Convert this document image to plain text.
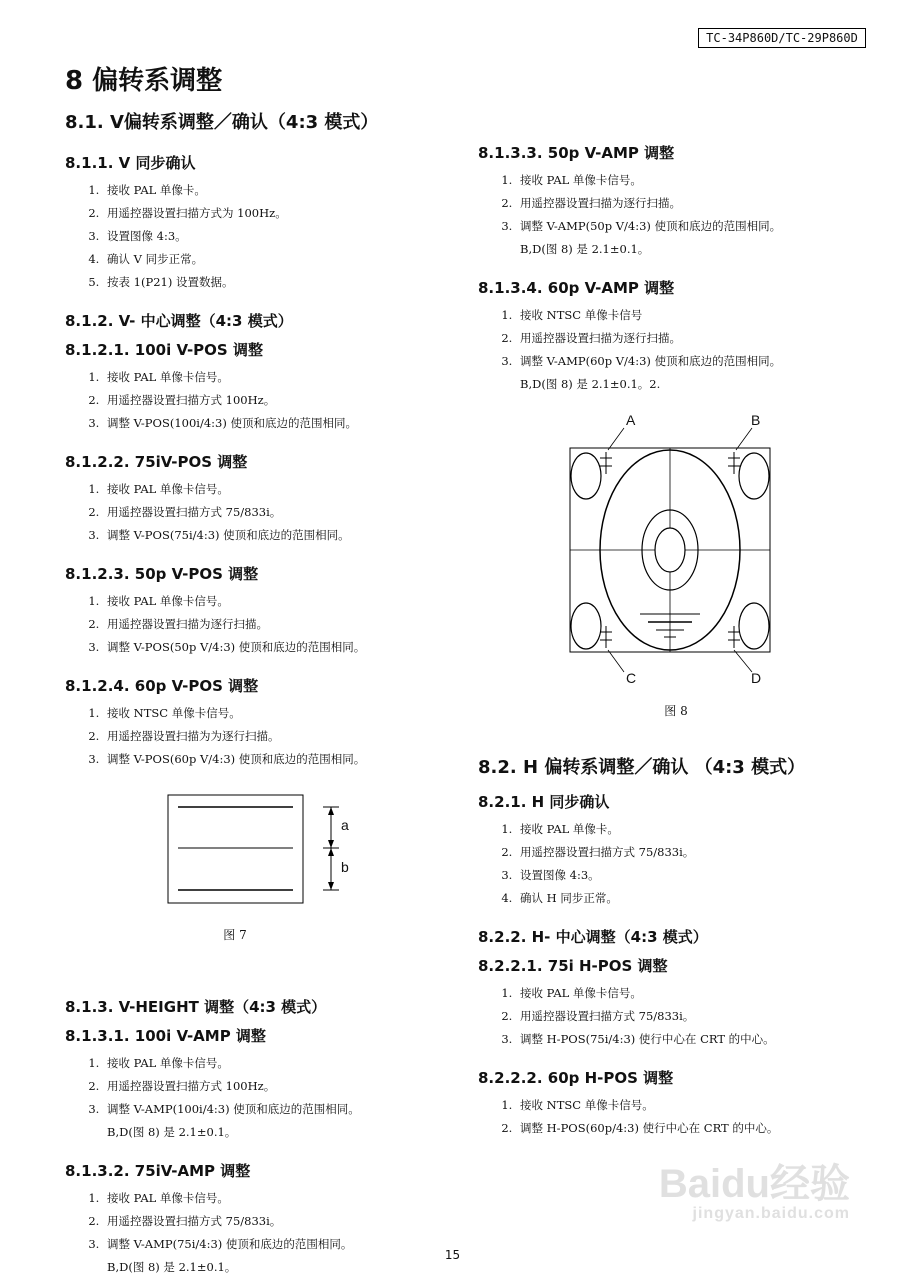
TC-34P860D/TC-29P860D
8 偏转系调整
8.1. V偏转系调整／确认（4:3 模式）
8.1.1. V 同步确认
1. 接收 PAL 单像卡。
2. 用遥控器设置扫描方式为 100Hz。
3. 设置图像 4:3。
4. 确认 V 同步正常。
5. 按表 1(P21) 设置数据。
8.1.2. V- 中心调整（4:3 模式）
8.1.2.1. 100i V-POS 调整
1. 接收 PAL 单像卡信号。
2. 用遥控器设置扫描方式 100Hz。
3. 调整 V-POS(100i/4:3) 使顶和底边的范围相同。
8.1.2.2. 75iV-POS 调整
1. 接收 PAL 单像卡信号。
2. 用遥控器设置扫描方式 75/833i。
3. 调整 V-POS(75i/4:3) 使顶和底边的范围相同。
8.1.2.3. 50p V-POS 调整
1. 接收 PAL 单像卡信号。
2. 用遥控器设置扫描为逐行扫描。
3. 调整 V-POS(50p V/4:3) 使顶和底边的范围相同。
8.1.2.4. 60p V-POS 调整
1. 接收 NTSC 单像卡信号。
2. 用遥控器设置扫描为为逐行扫描。
3. 调整 V-POS(60p V/4:3) 使顶和底边的范围相同。
a
b
图 7
8.1.3. V-HEIGHT 调整（4:3 模式）
8.1.3.1. 100i V-AMP 调整
1. 接收 PAL 单像卡信号。
2. 用遥控器设置扫描方式 100Hz。
3. 调整 V-AMP(100i/4:3) 使顶和底边的范围相同。
B,D(图 8) 是 2.1±0.1。
8.1.3.2. 75iV-AMP 调整
1. 接收 PAL 单像卡信号。
2. 用遥控器设置扫描方式 75/833i。
3. 调整 V-AMP(75i/4:3) 使顶和底边的范围相同。
B,D(图 8) 是 2.1±0.1。
8.1.3.3. 50p V-AMP 调整
1. 接收 PAL 单像卡信号。
2. 用遥控器设置扫描为逐行扫描。
3. 调整 V-AMP(50p V/4:3) 使顶和底边的范围相同。
B,D(图 8) 是 2.1±0.1。
8.1.3.4. 60p V-AMP 调整
1. 接收 NTSC 单像卡信号
2. 用遥控器设置扫描为逐行扫描。
3. 调整 V-AMP(60p V/4:3) 使顶和底边的范围相同。
B,D(图 8) 是 2.1±0.1。2.
A	B
C	D
图 8
8.2. H 偏转系调整／确认 （4:3 模式）
8.2.1. H 同步确认
1. 接收 PAL 单像卡。
2. 用遥控器设置扫描方式 75/833i。
3. 设置图像 4:3。
4. 确认 H 同步正常。
8.2.2. H- 中心调整（4:3 模式）
8.2.2.1. 75i H-POS 调整
1. 接收 PAL 单像卡信号。
2. 用遥控器设置扫描方式 75/833i。
3. 调整 H-POS(75i/4:3) 使行中心在 CRT 的中心。
8.2.2.2. 60p H-POS 调整
1. 接收 NTSC 单像卡信号。
2. 调整 H-POS(60p/4:3) 使行中心在 CRT 的中心。
Baidu经验
jingyan.baidu.com
15
